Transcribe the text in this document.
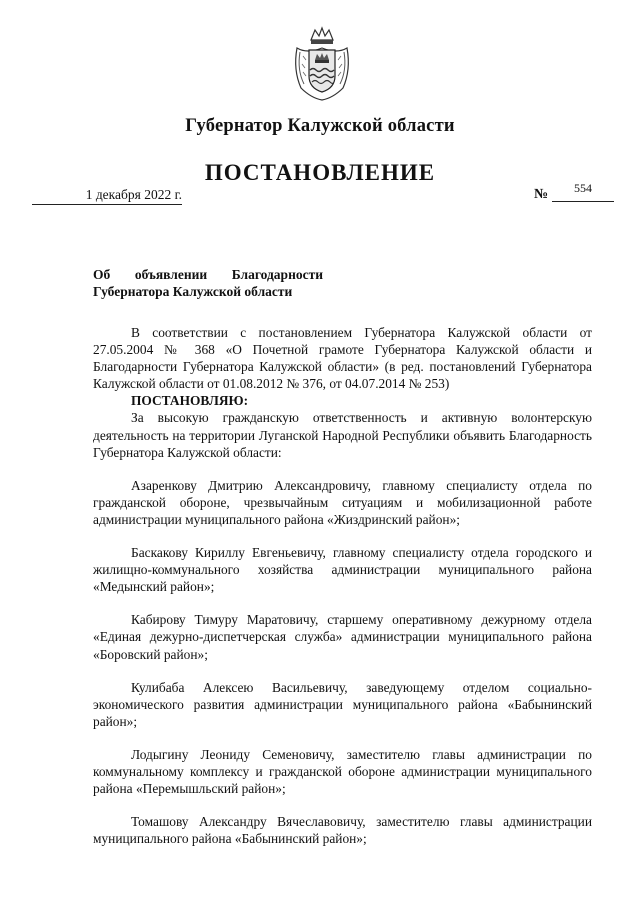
Губернатор Калужской области
ПОСТАНОВЛЕНИЕ
1 декабря 2022 г.	№	554
Об объявлении Благодарности
Губернатора Калужской области

В соответствии с постановлением Губернатора Калужской области от 27.05.2004 № 368 «О Почетной грамоте Губернатора Калужской области и Благодарности Губернатора Калужской области» (в ред. постановлений Губернатора Калужской области от 01.08.2012 № 376, от 04.07.2014 № 253)

ПОСТАНОВЛЯЮ:

За высокую гражданскую ответственность и активную волонтерскую деятельность на территории Луганской Народной Республики объявить Благодарность Губернатора Калужской области:

Азаренкову Дмитрию Александровичу, главному специалисту отдела по гражданской обороне, чрезвычайным ситуациям и мобилизационной работе администрации муниципального района «Жиздринский район»;

Баскакову Кириллу Евгеньевичу, главному специалисту отдела городского и жилищно-коммунального хозяйства администрации муниципального района «Медынский район»;

Кабирову Тимуру Маратовичу, старшему оперативному дежурному отдела «Единая дежурно-диспетчерская служба» администрации муниципального района «Боровский район»;

Кулибаба Алексею Васильевичу, заведующему отделом социально-экономического развития администрации муниципального района «Бабынинский район»;

Лодыгину Леониду Семеновичу, заместителю главы администрации по коммунальному комплексу и гражданской обороне администрации муниципального района «Перемышльский район»;

Томашову Александру Вячеславовичу, заместителю главы администрации муниципального района «Бабынинский район»;
